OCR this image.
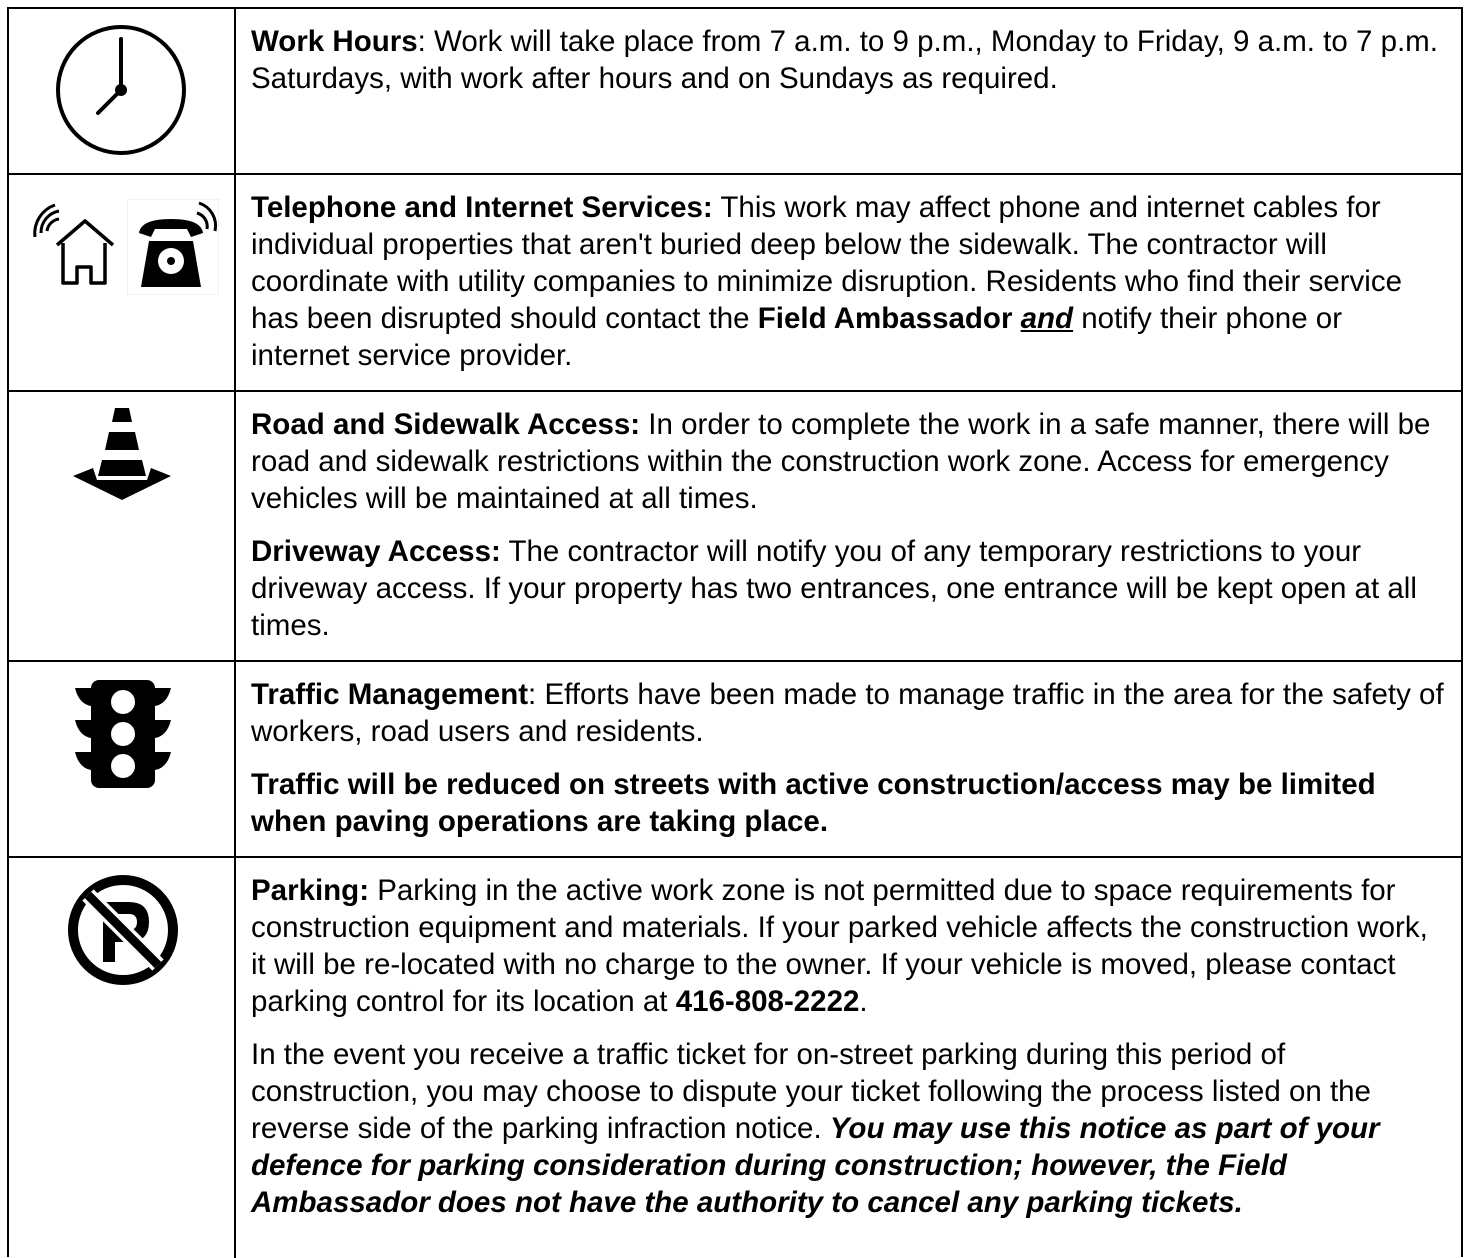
Work Hours: Work will take place from 7 a.m. to 9 p.m., Monday to Friday, 9 a.m. to 7 p.m. Saturdays, with work after hours and on Sundays as required.

Telephone and Internet Services: This work may affect phone and internet cables for individual properties that aren't buried deep below the sidewalk. The contractor will coordinate with utility companies to minimize disruption. Residents who find their service has been disrupted should contact the Field Ambassador and notify their phone or internet service provider.

Road and Sidewalk Access: In order to complete the work in a safe manner, there will be road and sidewalk restrictions within the construction work zone. Access for emergency vehicles will be maintained at all times.

Driveway Access: The contractor will notify you of any temporary restrictions to your driveway access. If your property has two entrances, one entrance will be kept open at all times.

Traffic Management: Efforts have been made to manage traffic in the area for the safety of workers, road users and residents.

Traffic will be reduced on streets with active construction/access may be limited when paving operations are taking place.

Parking: Parking in the active work zone is not permitted due to space requirements for construction equipment and materials. If your parked vehicle affects the construction work, it will be re-located with no charge to the owner. If your vehicle is moved, please contact parking control for its location at 416-808-2222.

In the event you receive a traffic ticket for on-street parking during this period of construction, you may choose to dispute your ticket following the process listed on the reverse side of the parking infraction notice. You may use this notice as part of your defence for parking consideration during construction; however, the Field Ambassador does not have the authority to cancel any parking tickets.
